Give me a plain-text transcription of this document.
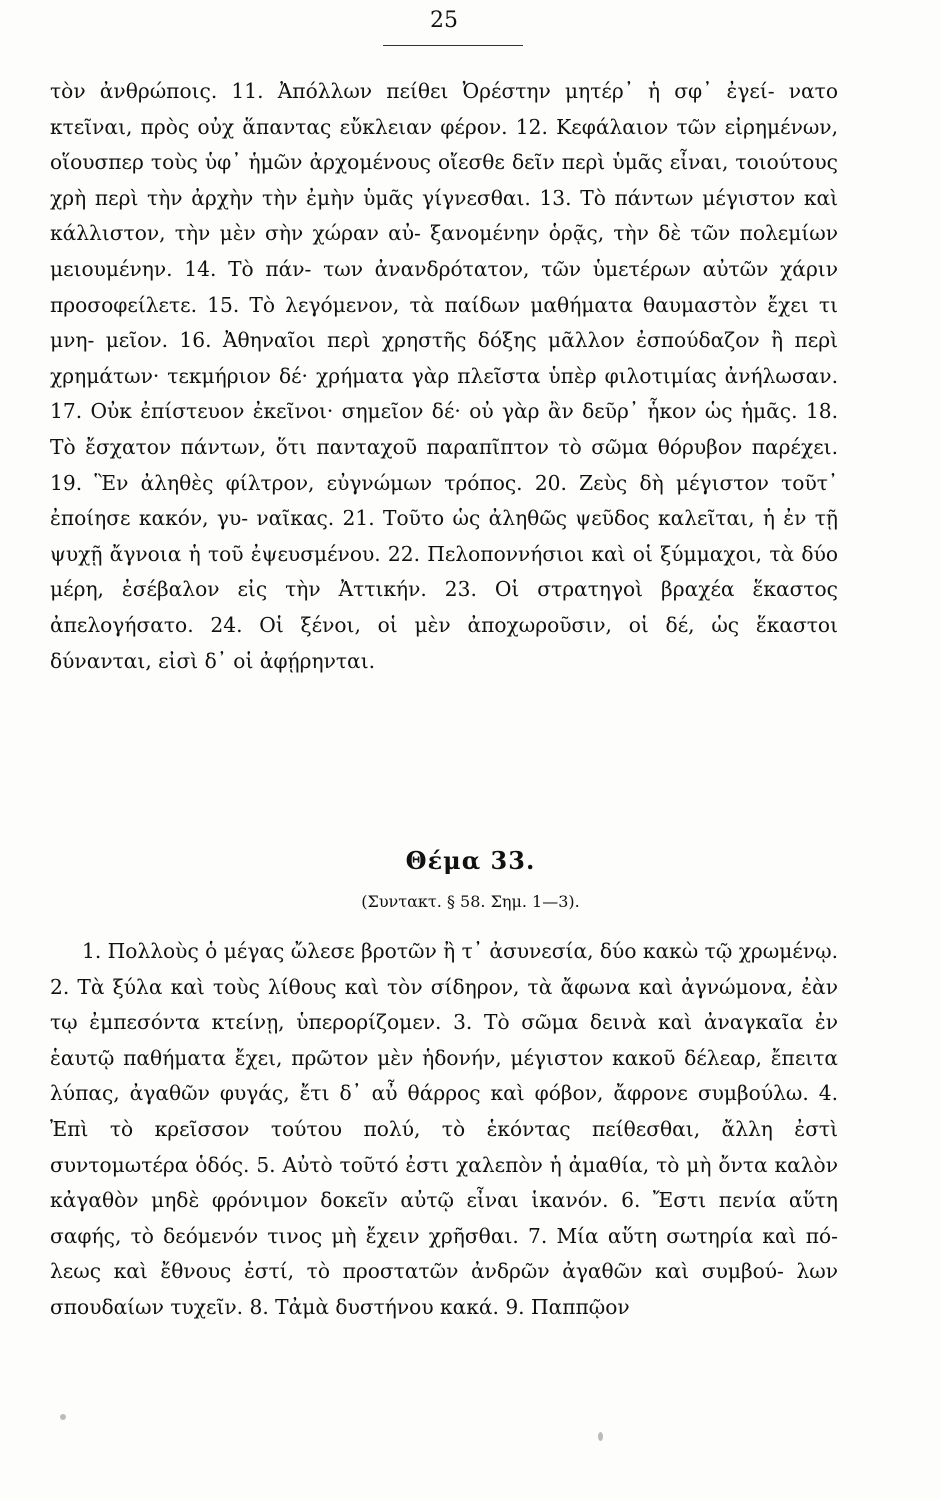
25

τὸν ἀνθρώποις. 11. Ἀπόλλων πείθει Ὀρέστην μητέρ᾽ ἡ σφ᾽ ἐγεί- νατο κτεῖναι, πρὸς οὐχ ἅπαντας εὔκλειαν φέρον. 12. Κεφάλαιον τῶν εἰρημένων, οἵουσπερ τοὺς ὑφ᾽ ἡμῶν ἀρχομένους οἴεσθε δεῖν περὶ ὑμᾶς εἶναι, τοιούτους χρὴ περὶ τὴν ἀρχὴν τὴν ἐμὴν ὑμᾶς γίγνεσθαι. 13. Τὸ πάντων μέγιστον καὶ κάλλιστον, τὴν μὲν σὴν χώραν αὐ- ξανομένην ὁρᾷς, τὴν δὲ τῶν πολεμίων μειουμένην. 14. Τὸ πάν- των ἀνανδρότατον, τῶν ὑμετέρων αὐτῶν χάριν προσοφείλετε. 15. Τὸ λεγόμενον, τὰ παίδων μαθήματα θαυμαστὸν ἔχει τι μνη- μεῖον. 16. Ἀθηναῖοι περὶ χρηστῆς δόξης μᾶλλον ἐσπούδαζον ἢ περὶ χρημάτων· τεκμήριον δέ· χρήματα γὰρ πλεῖστα ὑπὲρ φιλοτιμίας ἀνήλωσαν. 17. Οὐκ ἐπίστευον ἐκεῖνοι· σημεῖον δέ· οὐ γὰρ ἂν δεῦρ᾽ ἧκον ὡς ἡμᾶς. 18. Τὸ ἔσχατον πάντων, ὅτι πανταχοῦ παραπῖπτον τὸ σῶμα θόρυβον παρέχει. 19. Ἓν ἀληθὲς φίλτρον, εὐγνώμων τρόπος. 20. Ζεὺς δὴ μέγιστον τοῦτ᾽ ἐποίησε κακόν, γυ- ναῖκας. 21. Τοῦτο ὡς ἀληθῶς ψεῦδος καλεῖται, ἡ ἐν τῇ ψυχῇ ἄγνοια ἡ τοῦ ἐψευσμένου. 22. Πελοποννήσιοι καὶ οἱ ξύμμαχοι, τὰ δύο μέρη, ἐσέβαλον εἰς τὴν Ἀττικήν. 23. Οἱ στρατηγοὶ βραχέα ἕκαστος ἀπελογήσατο. 24. Οἱ ξένοι, οἱ μὲν ἀποχωροῦσιν, οἱ δέ, ὡς ἕκαστοι δύνανται, εἰσὶ δ᾽ οἱ ἀφῄρηνται.

Θέμα 33.
(Συντακτ. § 58. Σημ. 1—3).

1. Πολλοὺς ὁ μέγας ὤλεσε βροτῶν ἢ τ᾽ ἀσυνεσία, δύο κακὼ τῷ χρωμένῳ. 2. Τὰ ξύλα καὶ τοὺς λίθους καὶ τὸν σίδηρον, τὰ ἄφωνα καὶ ἀγνώμονα, ἐὰν τῳ ἐμπεσόντα κτείνῃ, ὑπερορίζομεν. 3. Τὸ σῶμα δεινὰ καὶ ἀναγκαῖα ἐν ἑαυτῷ παθήματα ἔχει, πρῶτον μὲν ἡδονήν, μέγιστον κακοῦ δέλεαρ, ἔπειτα λύπας, ἀγαθῶν φυγάς, ἔτι δ᾽ αὖ θάρρος καὶ φόβον, ἄφρονε συμβούλω. 4. Ἐπὶ τὸ κρεῖσσον τούτου πολύ, τὸ ἑκόντας πείθεσθαι, ἄλλη ἐστὶ συντομωτέρα ὁδός. 5. Αὐτὸ τοῦτό ἐστι χαλεπὸν ἡ ἀμαθία, τὸ μὴ ὄντα καλὸν κἀγαθὸν μηδὲ φρόνιμον δοκεῖν αὐτῷ εἶναι ἱκανόν. 6. Ἔστι πενία αὕτη σαφής, τὸ δεόμενόν τινος μὴ ἔχειν χρῆσθαι. 7. Μία αὕτη σωτηρία καὶ πό- λεως καὶ ἔθνους ἐστί, τὸ προστατῶν ἀνδρῶν ἀγαθῶν καὶ συμβού- λων σπουδαίων τυχεῖν. 8. Τἀμὰ δυστήνου κακά. 9. Παππῷον
